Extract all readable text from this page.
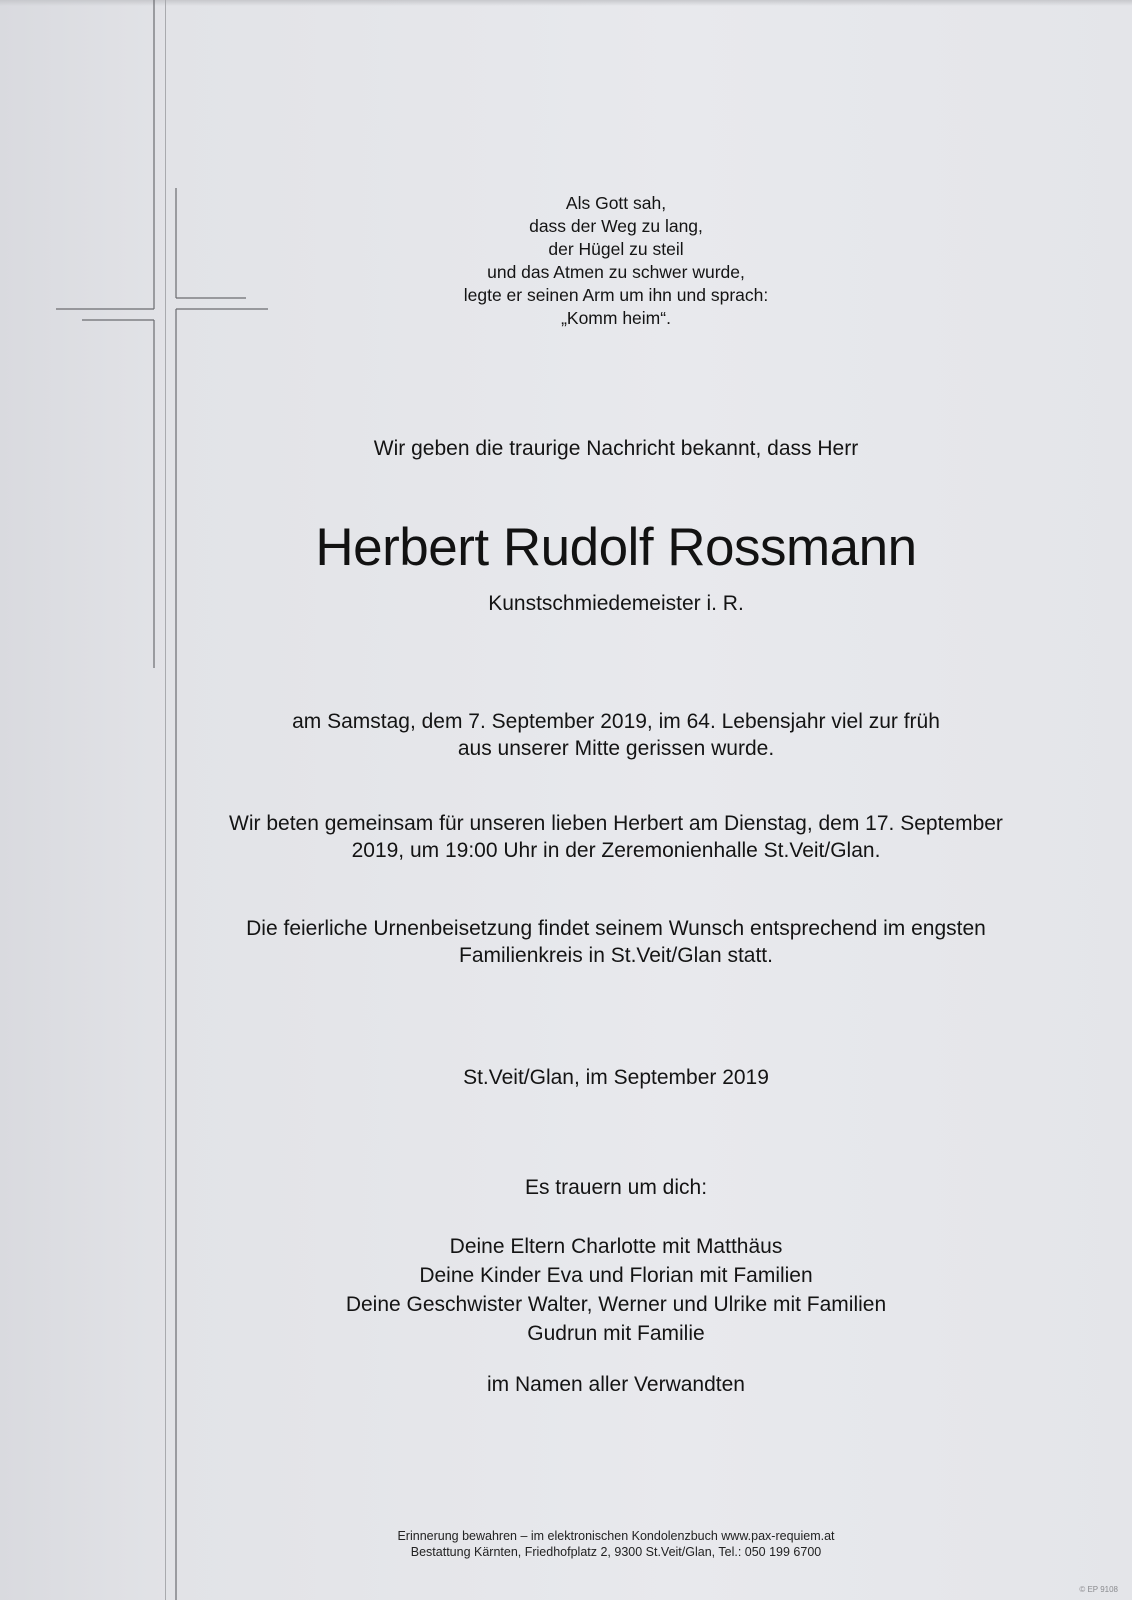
Als Gott sah,
dass der Weg zu lang,
der Hügel zu steil
und das Atmen zu schwer wurde,
legte er seinen Arm um ihn und sprach:
„Komm heim“.
Wir geben die traurige Nachricht bekannt, dass Herr
Herbert Rudolf Rossmann
Kunstschmiedemeister i. R.
am Samstag, dem 7. September 2019, im 64. Lebensjahr viel zur früh
aus unserer Mitte gerissen wurde.
Wir beten gemeinsam für unseren lieben Herbert am Dienstag, dem 17. September
2019, um 19:00 Uhr in der Zeremonienhalle St.Veit/Glan.
Die feierliche Urnenbeisetzung findet seinem Wunsch entsprechend im engsten
Familienkreis in St.Veit/Glan statt.
St.Veit/Glan, im September 2019
Es trauern um dich:
Deine Eltern Charlotte mit Matthäus
Deine Kinder Eva und Florian mit Familien
Deine Geschwister Walter, Werner und Ulrike mit Familien
Gudrun mit Familie
im Namen aller Verwandten
Erinnerung bewahren – im elektronischen Kondolenzbuch www.pax-requiem.at
Bestattung Kärnten, Friedhofplatz 2, 9300 St.Veit/Glan, Tel.: 050 199 6700
© EP 9108
